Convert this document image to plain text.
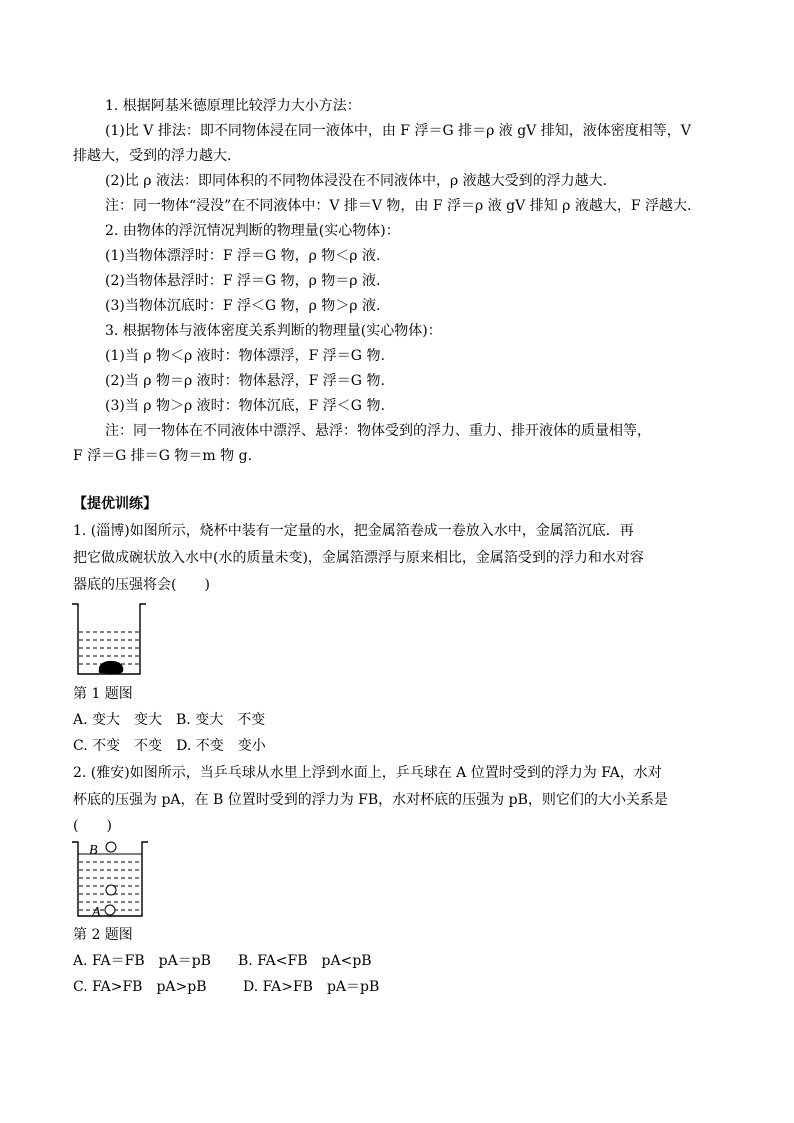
1. 根据阿基米德原理比较浮力大小方法：
(1)比 V 排法：即不同物体浸在同一液体中，由 F 浮＝G 排＝ρ 液 gV 排知，液体密度相等，V
排越大，受到的浮力越大.
(2)比 ρ 液法：即同体积的不同物体浸没在不同液体中，ρ 液越大受到的浮力越大.
注：同一物体“浸没”在不同液体中：V 排＝V 物，由 F 浮＝ρ 液 gV 排知 ρ 液越大，F 浮越大.
2. 由物体的浮沉情况判断的物理量(实心物体)：
(1)当物体漂浮时：F 浮＝G 物，ρ 物＜ρ 液.
(2)当物体悬浮时：F 浮＝G 物，ρ 物＝ρ 液.
(3)当物体沉底时：F 浮＜G 物，ρ 物＞ρ 液.
3. 根据物体与液体密度关系判断的物理量(实心物体)：
(1)当 ρ 物＜ρ 液时：物体漂浮，F 浮＝G 物.
(2)当 ρ 物＝ρ 液时：物体悬浮，F 浮＝G 物.
(3)当 ρ 物＞ρ 液时：物体沉底，F 浮＜G 物.
注：同一物体在不同液体中漂浮、悬浮：物体受到的浮力、重力、排开液体的质量相等，
F 浮＝G 排＝G 物＝m 物 g.
【提优训练】
1. (淄博)如图所示，烧杯中装有一定量的水，把金属箔卷成一卷放入水中，金属箔沉底．再
把它做成碗状放入水中(水的质量未变)，金属箔漂浮与原来相比，金属箔受到的浮力和水对容
器底的压强将会(　　)
第 1 题图
A. 变大　变大　B. 变大　不变
C. 不变　不变　D. 不变　变小
2. (雅安)如图所示，当乒乓球从水里上浮到水面上，乒乓球在 A 位置时受到的浮力为 FA，水对
杯底的压强为 pA，在 B 位置时受到的浮力为 FB，水对杯底的压强为 pB，则它们的大小关系是
(　　)
B
A
第 2 题图
A. FA＝FB　pA＝pB B. FA<FB　pA<pB
C. FA>FB　pA>pB	D. FA>FB　pA＝pB
